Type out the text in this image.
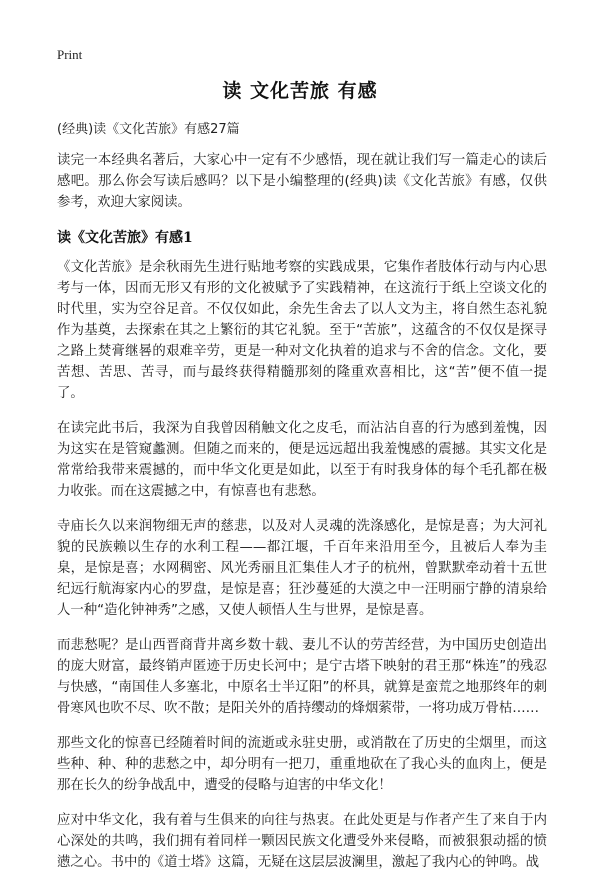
Print
读 文化苦旅 有感

(经典)读《文化苦旅》有感27篇

读完一本经典名著后，大家心中一定有不少感悟，现在就让我们写一篇走心的读后感吧。那么你会写读后感吗？以下是小编整理的(经典)读《文化苦旅》有感，仅供参考，欢迎大家阅读。

读《文化苦旅》有感1

《文化苦旅》是余秋雨先生进行贴地考察的实践成果，它集作者肢体行动与内心思考与一体，因而无形又有形的文化被赋予了实践精神，在这流行于纸上空谈文化的时代里，实为空谷足音。不仅仅如此，余先生舍去了以人文为主，将自然生态礼貌作为基奠，去探索在其之上繁衍的其它礼貌。至于“苦旅”，这蕴含的不仅仅是探寻之路上焚膏继晷的艰难辛劳，更是一种对文化执着的追求与不舍的信念。文化，要苦想、苦思、苦寻，而与最终获得精髓那刻的隆重欢喜相比，这“苦”便不值一提了。

在读完此书后，我深为自我曾因稍触文化之皮毛，而沾沾自喜的行为感到羞愧，因为这实在是管窥蠡测。但随之而来的，便是远远超出我羞愧感的震撼。其实文化是常常给我带来震撼的，而中华文化更是如此，以至于有时我身体的每个毛孔都在极力收张。而在这震撼之中，有惊喜也有悲愁。

寺庙长久以来润物细无声的慈悲，以及对人灵魂的洗涤感化，是惊是喜；为大河礼貌的民族赖以生存的水利工程——都江堰，千百年来沿用至今，且被后人奉为圭臬，是惊是喜；水网稠密、风光秀丽且汇集佳人才子的杭州，曾默默牵动着十五世纪远行航海家内心的罗盘，是惊是喜；狂沙蔓延的大漠之中一汪明丽宁静的清泉给人一种“造化钟神秀”之感，又使人顿悟人生与世界，是惊是喜。

而悲愁呢？是山西晋商背井离乡数十载、妻儿不认的劳苦经营，为中国历史创造出的庞大财富，最终销声匿迹于历史长河中；是宁古塔下映射的君王那“株连”的残忍与快感，“南国佳人多塞北，中原名士半辽阳”的杯具，就算是蛮荒之地那终年的刺骨寒风也吹不尽、吹不散；是阳关外的盾持缨动的烽烟萦带，一将功成万骨枯……

那些文化的惊喜已经随着时间的流逝或永驻史册，或消散在了历史的尘烟里，而这些种、种、种的悲愁之中，却分明有一把刀，重重地砍在了我心头的血肉上，便是那在长久的纷争战乱中，遭受的侵略与迫害的中华文化！

应对中华文化，我有着与生俱来的向往与热衷。在此处更是与作者产生了来自于内心深处的共鸣，我们拥有着同样一颗因民族文化遭受外来侵略，而被狠狠动摇的愤懑之心。书中的《道士塔》这篇，无疑在这层层波澜里，激起了我内心的钟鸣。战
